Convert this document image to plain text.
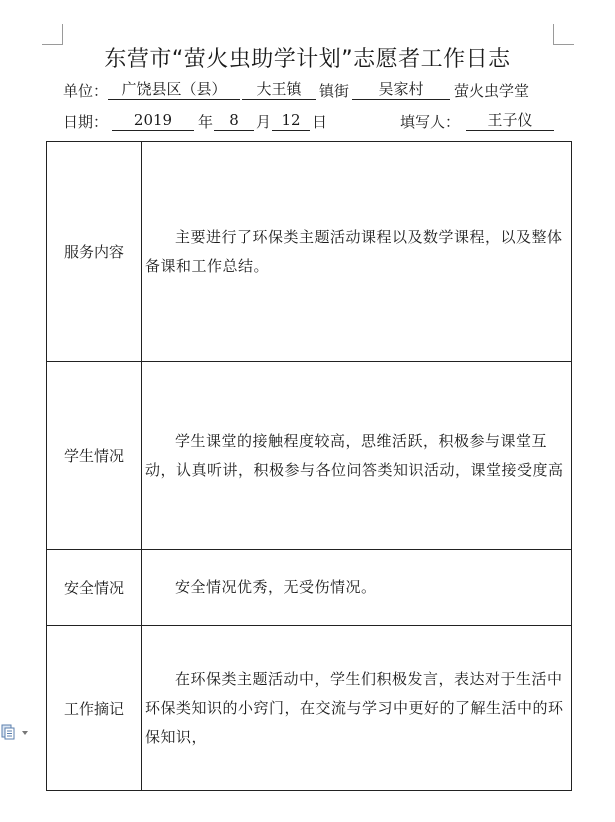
东营市“萤火虫助学计划”志愿者工作日志
单位： 广饶县区（县）	大王镇	镇街	吴家村	萤火虫学堂
日期：	2019	年	8	月 12 日	填写人：	王子仪
服务内容	主要进行了环保类主题活动课程以及数学课程，以及整体备课和工作总结。

学生情况	学生课堂的接触程度较高，思维活跃，积极参与课堂互动，认真听讲，积极参与各位问答类知识活动，课堂接受度高

安全情况	安全情况优秀，无受伤情况。

工作摘记	在环保类主题活动中，学生们积极发言，表达对于生活中环保类知识的小窍门，在交流与学习中更好的了解生活中的环保知识，
